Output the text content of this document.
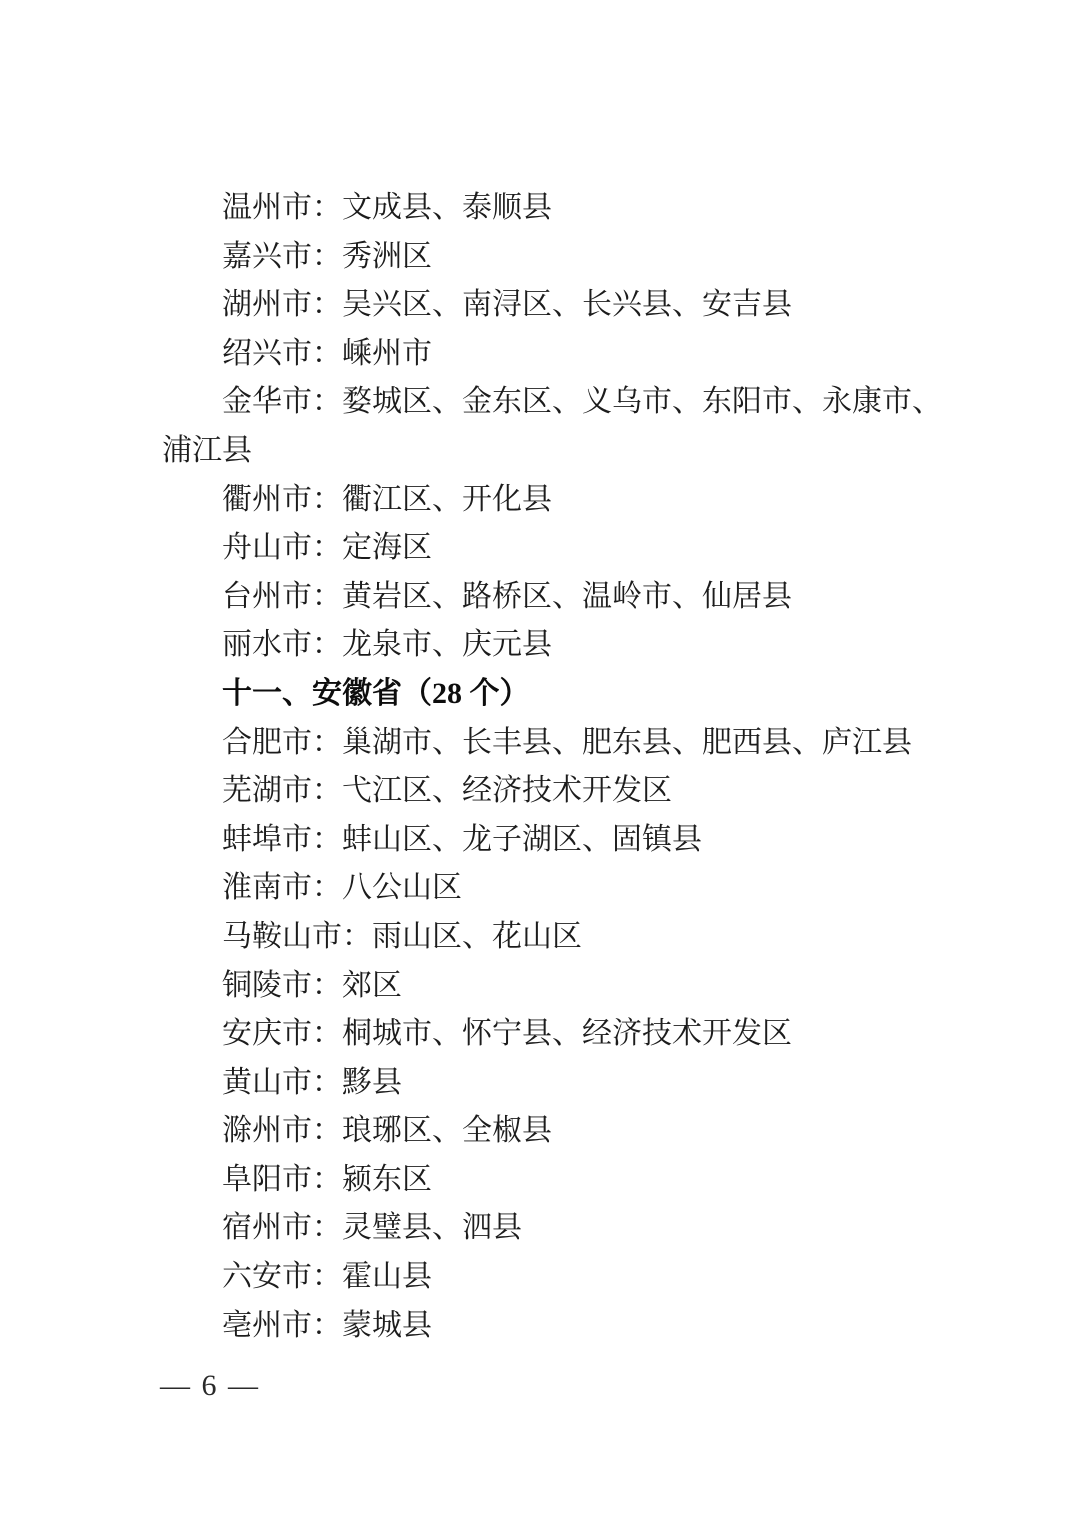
温州市：文成县、泰顺县

嘉兴市：秀洲区

湖州市：吴兴区、南浔区、长兴县、安吉县

绍兴市：嵊州市

金华市：婺城区、金东区、义乌市、东阳市、永康市、浦江县

衢州市：衢江区、开化县

舟山市：定海区

台州市：黄岩区、路桥区、温岭市、仙居县

丽水市：龙泉市、庆元县

十一、安徽省（28 个）

合肥市：巢湖市、长丰县、肥东县、肥西县、庐江县

芜湖市：弋江区、经济技术开发区

蚌埠市：蚌山区、龙子湖区、固镇县

淮南市：八公山区

马鞍山市：雨山区、花山区

铜陵市：郊区

安庆市：桐城市、怀宁县、经济技术开发区

黄山市：黟县

滁州市：琅琊区、全椒县

阜阳市：颍东区

宿州市：灵璧县、泗县

六安市：霍山县

亳州市：蒙城县

— 6 —
